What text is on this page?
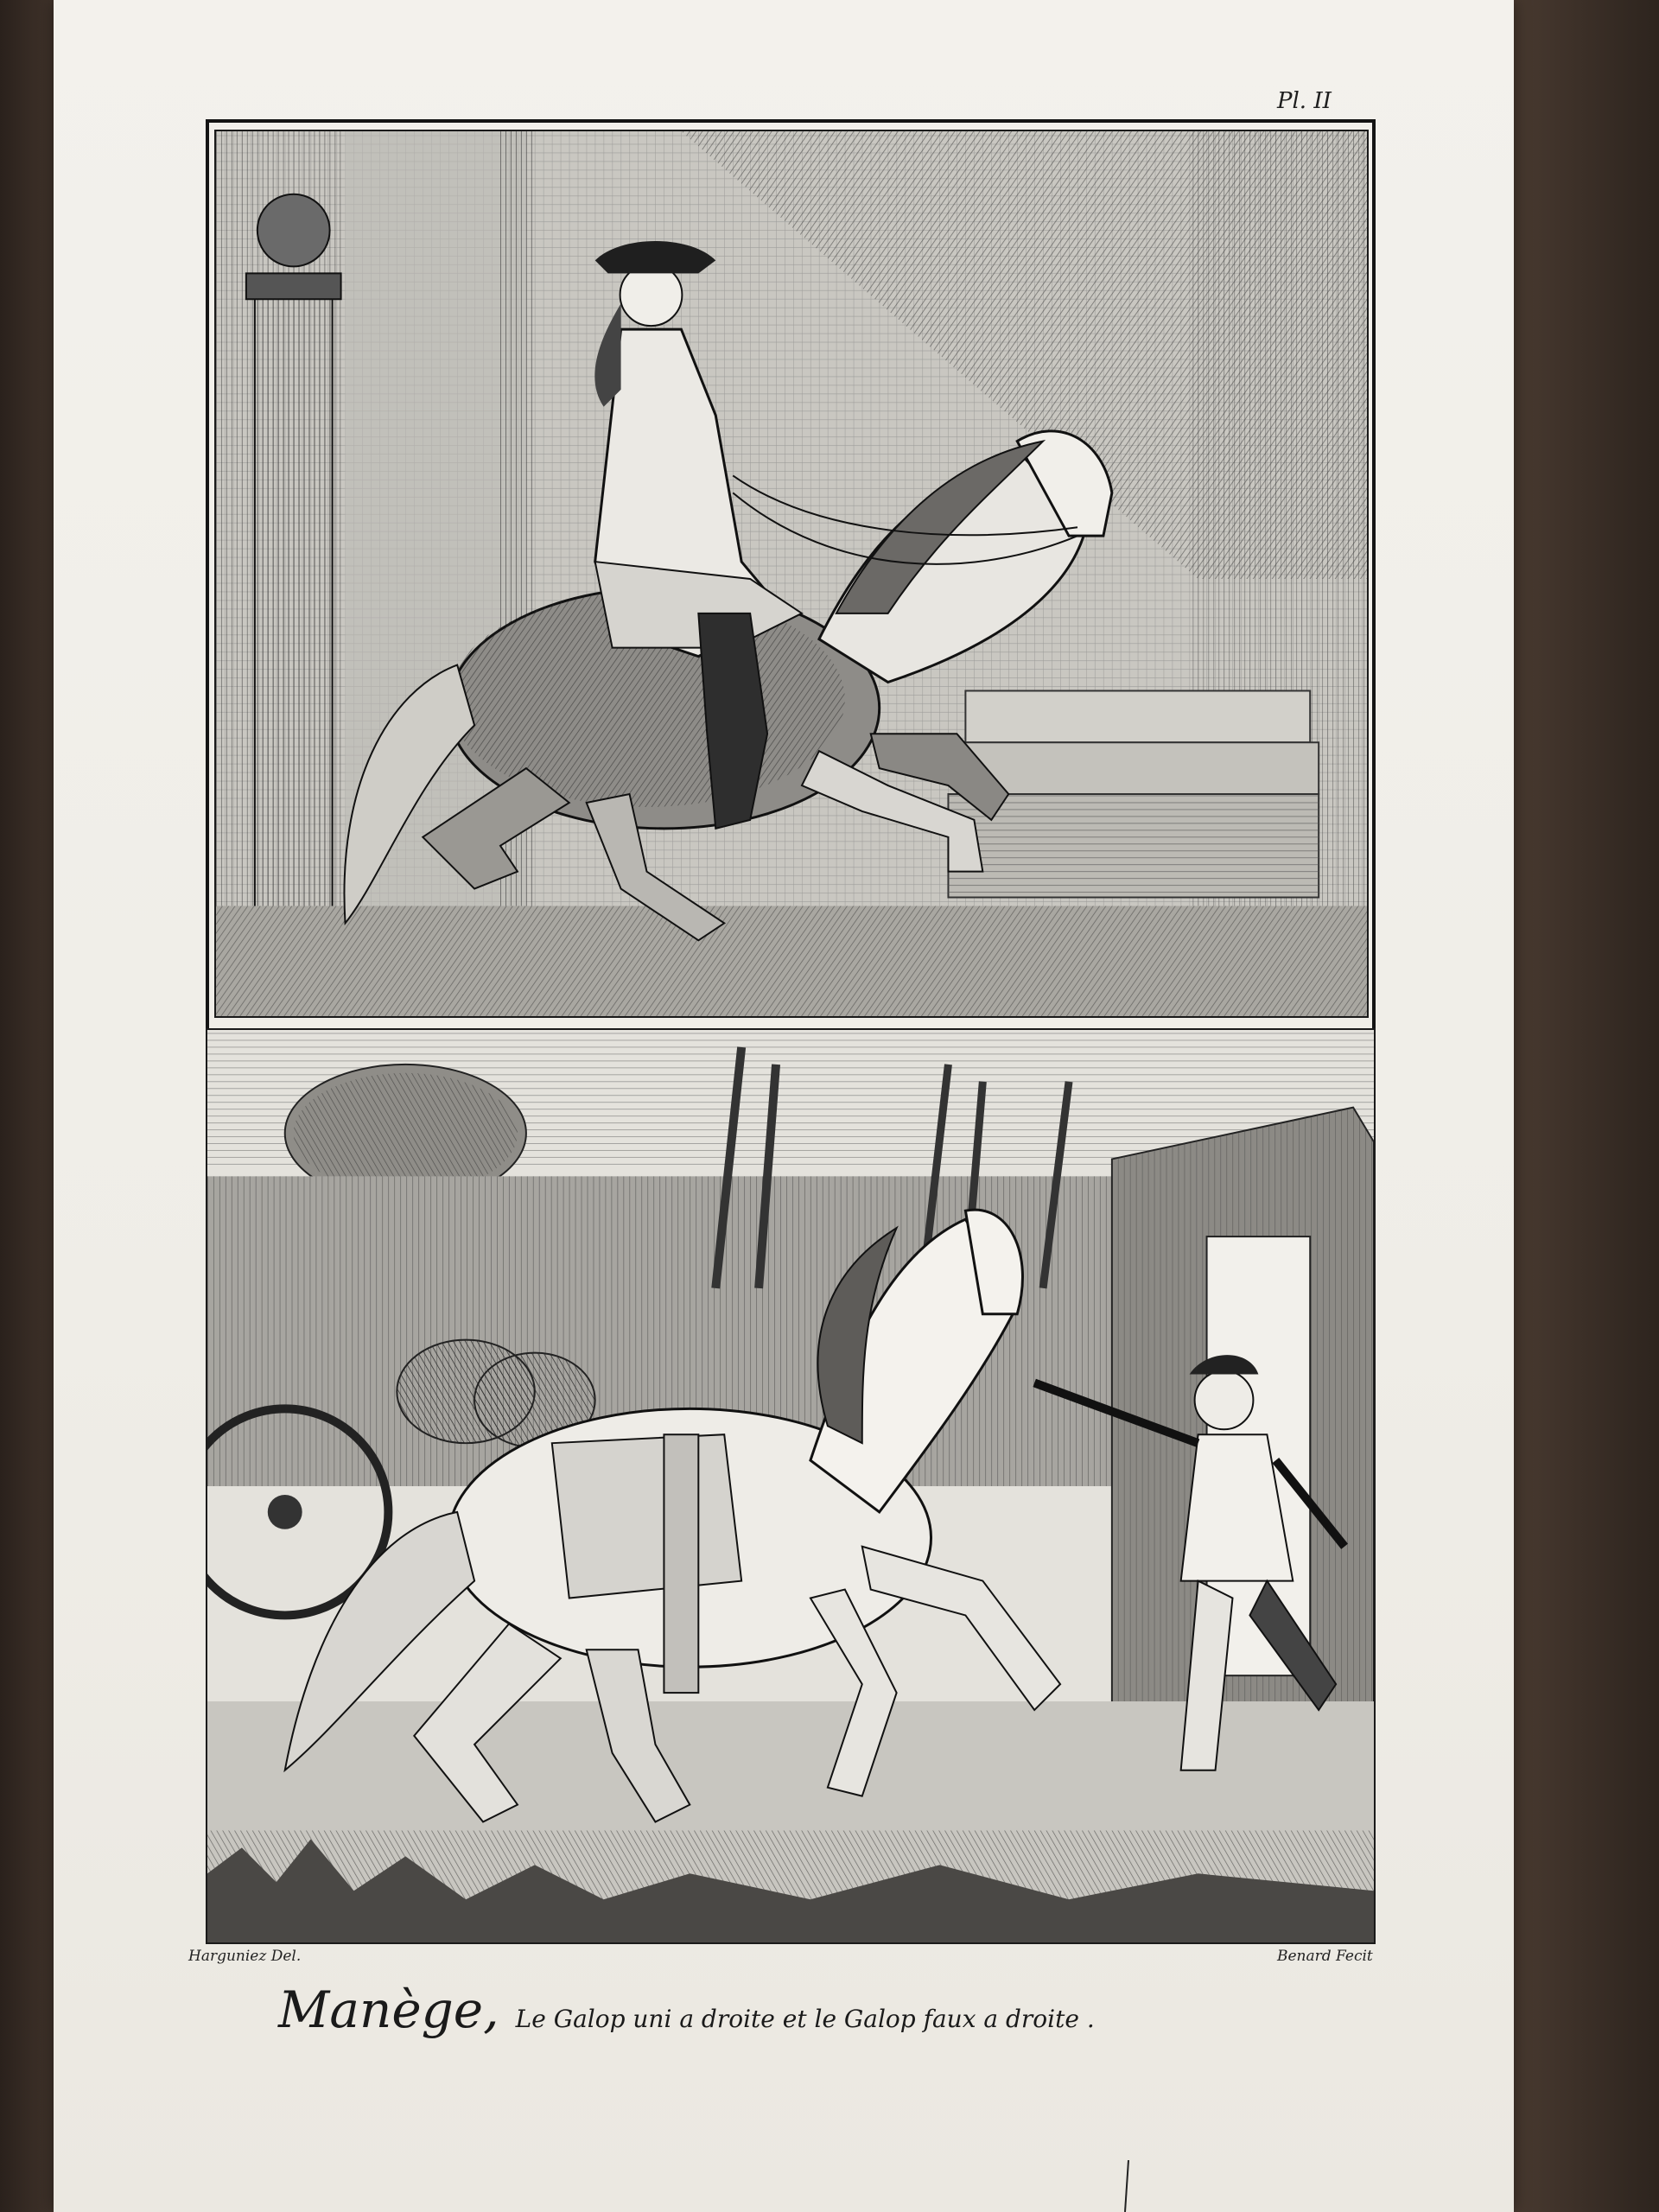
Pl. II
Harguniez Del.	Benard Fecit
Manège, Le Galop uni a droite et le Galop faux a droite .
